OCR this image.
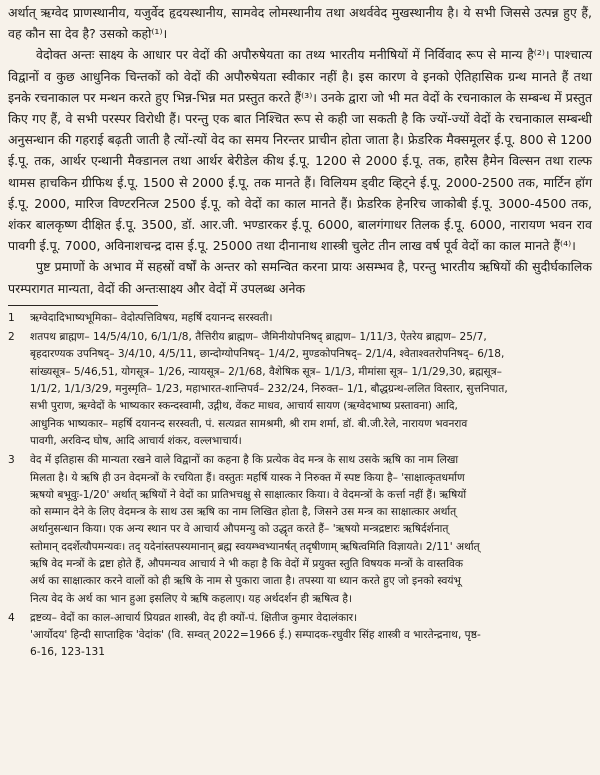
अर्थात् ऋग्वेद प्राणस्थानीय, यजुर्वेद हृदयस्थानीय, सामवेद लोमस्थानीय तथा अथर्ववेद मुखस्थानीय है। ये सभी जिससे उत्पन्न हुए हैं, वह कौन सा देव है? उसको कहो⁽¹⁾।

वेदोक्त अन्तः साक्ष्य के आधार पर वेदों की अपौरुषेयता का तथ्य भारतीय मनीषियों में निर्विवाद रूप से मान्य है⁽²⁾। पाश्चात्य विद्वानों व कुछ आधुनिक चिन्तकों को वेदों की अपौरुषेयता स्वीकार नहीं है। इस कारण वे इनको ऐतिहासिक ग्रन्थ मानते हैं तथा इनके रचनाकाल पर मन्थन करते हुए भिन्न-भिन्न मत प्रस्तुत करते हैं⁽³⁾। उनके द्वारा जो भी मत वेदों के रचनाकाल के सम्बन्ध में प्रस्तुत किए गए हैं, वे सभी परस्पर विरोधी हैं। परन्तु एक बात निश्चित रूप से कही जा सकती है कि ज्यों-ज्यों वेदों के रचनाकाल सम्बन्धी अनुसन्धान की गहराई बढ़ती जाती है त्यों-त्यों वेद का समय निरन्तर प्राचीन होता जाता है। फ्रेडरिक मैक्समूलर ई.पू. 800 से 1200 ई.पू. तक, आर्थर एन्थानी मैक्डानल तथा आर्थर बेरीडेल कीथ ई.पू. 1200 से 2000 ई.पू. तक, हारैस हैमेन विल्सन तथा राल्फ थामस हाचकिन ग्रीफिथ ई.पू. 1500 से 2000 ई.पू. तक मानते हैं। विलियम ड्वीट व्हिट्ने ई.पू. 2000-2500 तक, मार्टिन हॉग ई.पू. 2000, मारिज विण्टरनित्ज 2500 ई.पू. को वेदों का काल मानते हैं। फ्रेडरिक हेनरिच जाकोबी ई.पू. 3000-4500 तक, शंकर बालकृष्ण दीक्षित ई.पू. 3500, डॉ. आर.जी. भण्डारकर ई.पू. 6000, बालगंगाधर तिलक ई.पू. 6000, नारायण भवन राव पावगी ई.पू. 7000, अविनाशचन्द्र दास ई.पू. 25000 तथा दीनानाथ शास्त्री चुलेट तीन लाख वर्ष पूर्व वेदों का काल मानते हैं⁽⁴⁾।

पुष्ट प्रमाणों के अभाव में सहस्रों वर्षों के अन्तर को समन्वित करना प्रायः असम्भव है, परन्तु भारतीय ऋषियों की सुदीर्घकालिक परम्परागत मान्यता, वेदों की अन्तःसाक्ष्य और वेदों में उपलब्ध अनेक

1	ऋग्वेदादिभाष्यभूमिका– वेदोत्पत्तिविषय, महर्षि दयानन्द सरस्वती।
2	शतपथ ब्राह्मण– 14/5/4/10, 6/1/1/8, तैत्तिरीय ब्राह्मण– जैमिनीयोपनिषद् ब्राह्मण– 1/11/3, ऐतरेय ब्राह्मण– 25/7,
बृहदारण्यक उपनिषद्– 3/4/10, 4/5/11, छान्दोग्योपनिषद्– 1/4/2, मुण्डकोपनिषद्– 2/1/4, श्वेताश्वतरोपनिषद्– 6/18,
सांख्यसूत्र– 5/46,51, योगसूत्र– 1/26, न्यायसूत्र– 2/1/68, वैशेषिक सूत्र– 1/1/3, मीमांसा सूत्र– 1/1/29,30, ब्रह्मसूत्र–
1/1/2, 1/1/3/29, मनुस्मृति– 1/23, महाभारत-शान्तिपर्व– 232/24, निरुक्त– 1/1, बौद्धग्रन्थ-ललित विस्तार, सुत्तनिपात,
सभी पुराण, ऋग्वेदों के भाष्यकार स्कन्दस्वामी, उद्गीथ, वेंकट माधव, आचार्य सायण (ऋग्वेदभाष्य प्रस्तावना) आदि,
आधुनिक भाष्यकार– महर्षि दयानन्द सरस्वती, पं. सत्यव्रत सामश्रमी, श्री राम शर्मा, डॉ. बी.जी.रेले, नारायण भवनराव
पावगी, अरविन्द घोष, आदि आचार्य शंकर, वल्लभाचार्य।
3	वेद में इतिहास की मान्यता रखने वाले विद्वानों का कहना है कि प्रत्येक वेद मन्त्र के साथ उसके ऋषि का नाम लिखा
मिलता है। ये ऋषि ही उन वेदमन्त्रों के रचयिता हैं। वस्तुतः महर्षि यास्क ने निरुक्त में स्पष्ट किया है– 'साक्षात्कृतधर्माण
ऋषयो बभूवुः-1/20' अर्थात् ऋषियों ने वेदों का प्रातिभचक्षु से साक्षात्कार किया। वे वेदमन्त्रों के कर्त्ता नहीं हैं। ऋषियों
को सम्मान देने के लिए वेदमन्त्र के साथ उस ऋषि का नाम लिखित होता है, जिसने उस मन्त्र का साक्षात्कार अर्थात्
अर्थानुसन्धान किया। एक अन्य स्थान पर वे आचार्य औपमन्यु को उद्धृत करते हैं– 'ऋषयो मन्त्रद्रष्टारः ऋषिर्दर्शनात्
स्तोमान् ददर्शेत्यौपमन्यवः। तद् यदेनांस्तपस्यमानान् ब्रह्म स्वयम्भ्वभ्यानर्षत् तदृषीणाम् ऋषित्वमिति विज्ञायते। 2/11' अर्थात्
ऋषि वेद मन्त्रों के द्रष्टा होते हैं, औपमन्यव आचार्य ने भी कहा है कि वेदों में प्रयुक्त स्तुति विषयक मन्त्रों के वास्तविक
अर्थ का साक्षात्कार करने वालों को ही ऋषि के नाम से पुकारा जाता है। तपस्या या ध्यान करते हुए जो इनको स्वयंभू
नित्य वेद के अर्थ का भान हुआ इसलिए ये ऋषि कहलाए। यह अर्थदर्शन ही ऋषित्व है।
4	द्रष्टव्य– वेदों का काल-आचार्य प्रियव्रत शास्त्री, वेद ही क्यों-पं. क्षितीज कुमार वेदालंकार।
'आर्योदय' हिन्दी साप्ताहिक 'वेदांक' (वि. सम्वत् 2022=1966 ई.) सम्पादक-रघुवीर सिंह शास्त्री व भारतेन्द्रनाथ, पृष्ठ-
6-16, 123-131
